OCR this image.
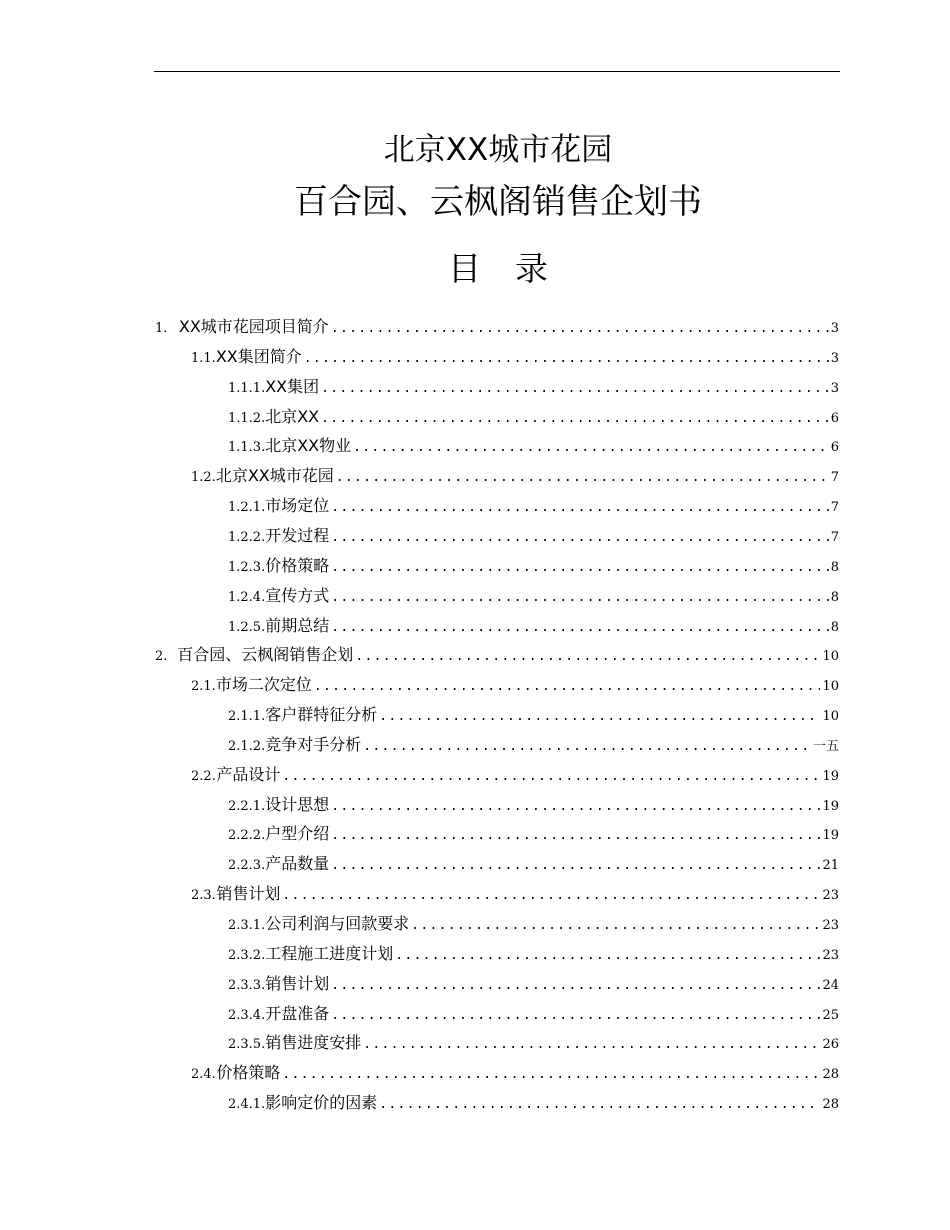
北京XX城市花园
百合园、云枫阁销售企划书
目录
1. XX城市花园项目简介 .....	3
1.1. XX集团简介 .....	3
1.1.1. XX集团 .....	3
1.1.2. 北京XX .....	6
1.1.3. 北京XX物业 .....	6
1.2. 北京XX城市花园 .....	7
1.2.1. 市场定位 .....	7
1.2.2. 开发过程 .....	7
1.2.3. 价格策略 .....	8
1.2.4. 宣传方式 .....	8
1.2.5. 前期总结 .....	8
2. 百合园、云枫阁销售企划 .....	10
2.1. 市场二次定位 .....	10
2.1.1. 客户群特征分析 .....	10
2.1.2. 竞争对手分析 .....	一五
2.2. 产品设计 .....	19
2.2.1. 设计思想 .....	19
2.2.2. 户型介绍 .....	19
2.2.3. 产品数量 .....	21
2.3. 销售计划 .....	23
2.3.1. 公司利润与回款要求 .....	23
2.3.2. 工程施工进度计划 .....	23
2.3.3. 销售计划 .....	24
2.3.4. 开盘准备 .....	25
2.3.5. 销售进度安排 .....	26
2.4. 价格策略 .....	28
2.4.1. 影响定价的因素 .....	28
